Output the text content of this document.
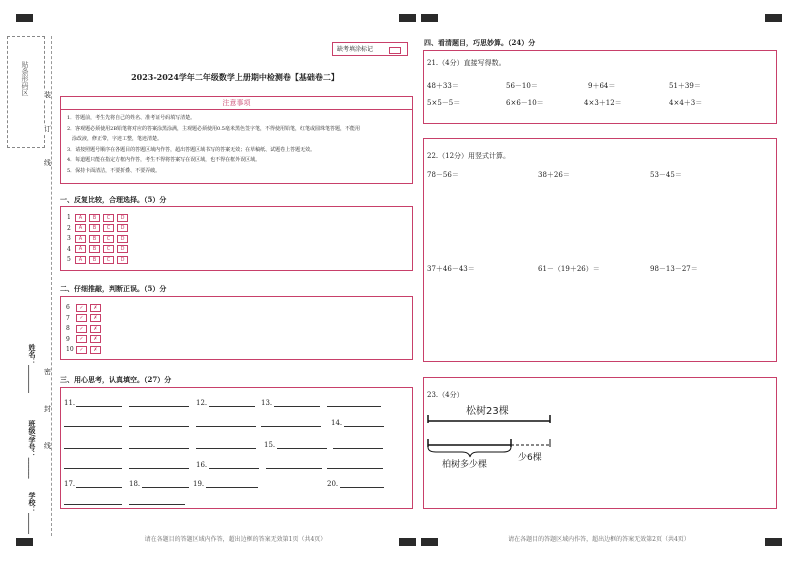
贴条形码区 装
订
线
密
封
线
姓名：________
班级/学号：______
学校：______
缺考填涂标记
2023-2024学年二年级数学上册期中检测卷【基础卷二】
注意事项
1．答题前，考生先将自己的姓名、准考证号码填写清楚。
2．客观题必须使用2B铅笔将对应的答案涂黑涂满，主观题必须使用0.5毫米黑色签字笔，不得使用铅笔，红笔或圆珠笔答题，不能用
　涂改液，修正带，字迹工整，笔迹清楚。
3．请按照题号顺序在各题目的答题区域内作答，超出答题区域书写的答案无效；在草稿纸、试题卷上答题无效。
4．每道题只能在指定方框内作答，考生不得将答案写在误区域，也不得在框外误区域。
5．保持卡面清洁，不要折叠、不要弄破。
一、反复比较，合理选择。（5）分
1 A B C D
2 A B C D
3 A B C D
4 A B C D
5 A B C D
二、仔细推敲，判断正误。（5）分
6 ✓ ✗
7 ✓ ✗
8 ✓ ✗
9 ✓ ✗
10 ✓ ✗
三、用心思考，认真填空。（27）分
11.	12.	13.
14.
15.
16.
17.	18.	19.	20.
请在各题目的答题区域内作答，超出边框的答案无效第1页（共4页）
四、看清题目，巧思妙算。（24）分
21.（4分）直接写得数。
48＋33＝	56－10＝	9＋64＝	51＋39＝
5×5－5＝	6×6－10＝	4×3＋12＝	4×4＋3＝
22.（12分）用竖式计算。
78－56＝	38＋26＝	53－45＝
37＋46－43＝	61－（19＋26）＝	98－13－27＝
23.（4分）
松树23棵
柏树多少棵
少6棵
请在各题目的答题区域内作答，超出边框的答案无效第2页（共4页）
